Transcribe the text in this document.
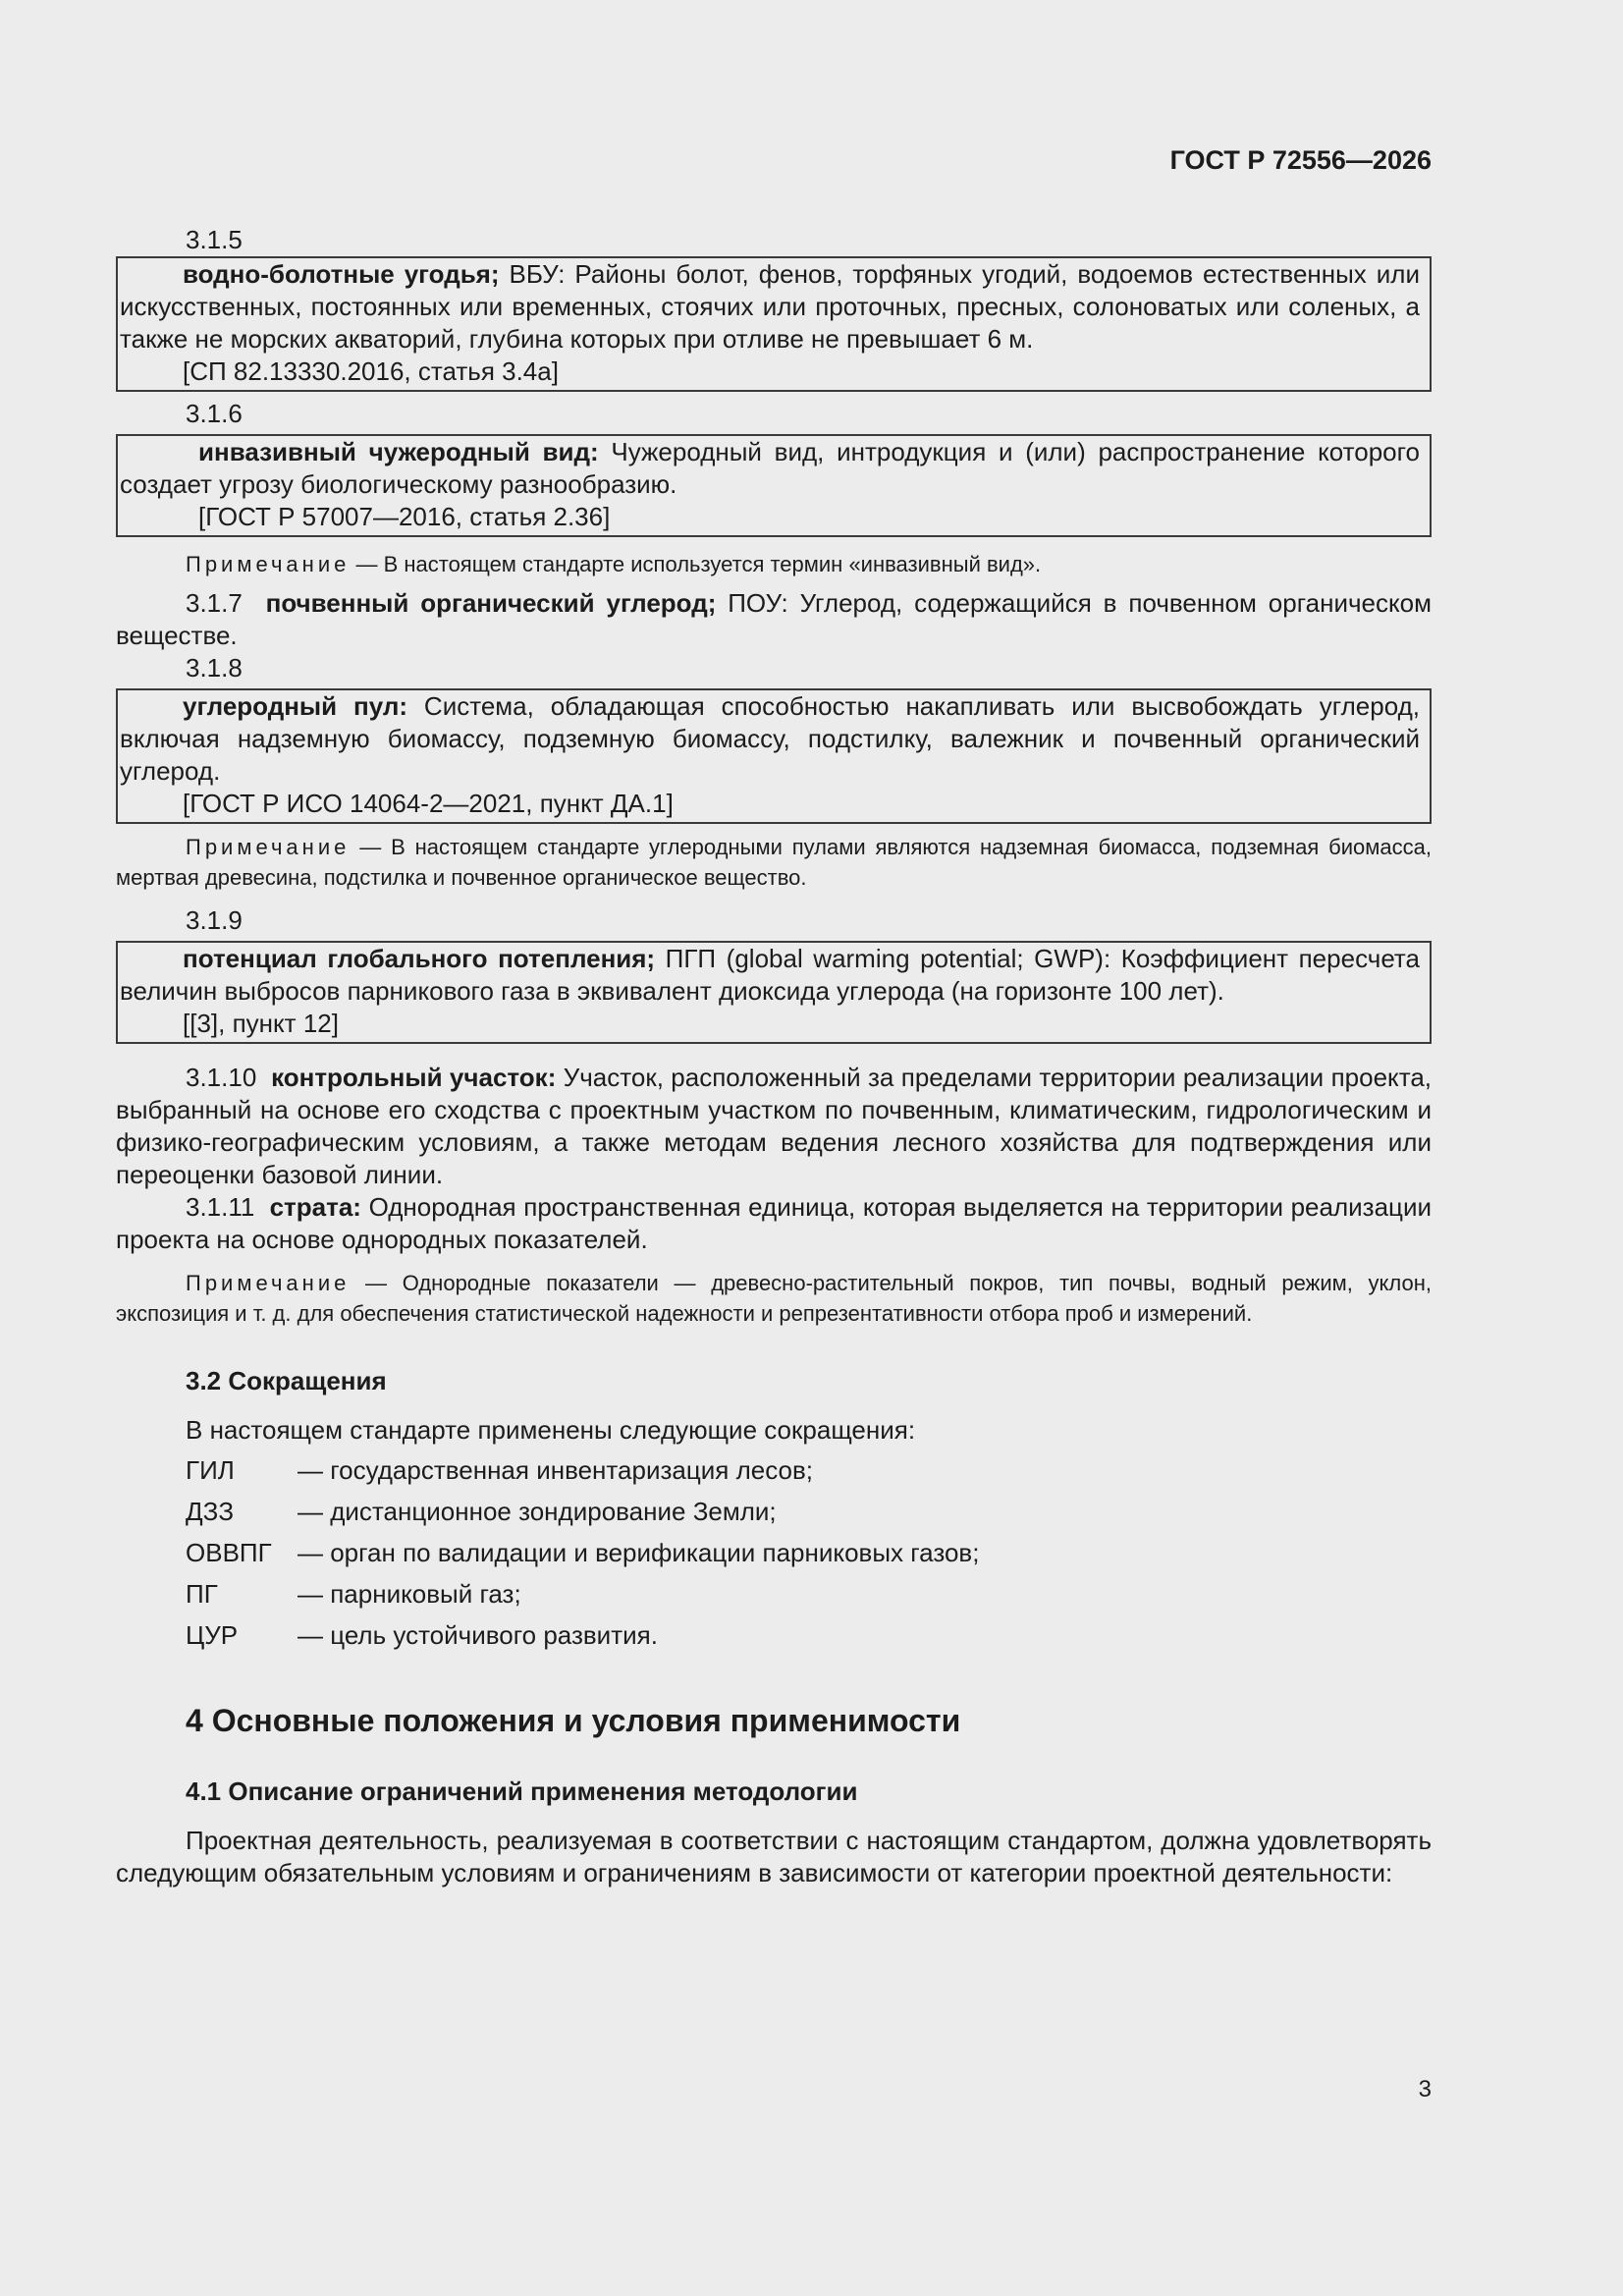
ГОСТ Р 72556—2026

3.1.5

водно-болотные угодья; ВБУ: Районы болот, фенов, торфяных угодий, водоемов естественных или искусственных, постоянных или временных, стоячих или проточных, пресных, солоноватых или соленых, а также не морских акваторий, глубина которых при отливе не превышает 6 м.

[СП 82.13330.2016, статья 3.4а]

3.1.6

инвазивный чужеродный вид: Чужеродный вид, интродукция и (или) распространение которого создает угрозу биологическому разнообразию.

[ГОСТ Р 57007—2016, статья 2.36]

Примечание — В настоящем стандарте используется термин «инвазивный вид».

3.1.7 почвенный органический углерод; ПОУ: Углерод, содержащийся в почвенном органическом веществе.

3.1.8

углеродный пул: Система, обладающая способностью накапливать или высвобождать углерод, включая надземную биомассу, подземную биомассу, подстилку, валежник и почвенный органический углерод.

[ГОСТ Р ИСО 14064-2—2021, пункт ДА.1]

Примечание — В настоящем стандарте углеродными пулами являются надземная биомасса, подземная биомасса, мертвая древесина, подстилка и почвенное органическое вещество.

3.1.9

потенциал глобального потепления; ПГП (global warming potential; GWP): Коэффициент пересчета величин выбросов парникового газа в эквивалент диоксида углерода (на горизонте 100 лет).

[[3], пункт 12]

3.1.10 контрольный участок: Участок, расположенный за пределами территории реализации проекта, выбранный на основе его сходства с проектным участком по почвенным, климатическим, гидрологическим и физико-географическим условиям, а также методам ведения лесного хозяйства для подтверждения или переоценки базовой линии.

3.1.11 страта: Однородная пространственная единица, которая выделяется на территории реализации проекта на основе однородных показателей.

Примечание — Однородные показатели — древесно-растительный покров, тип почвы, водный режим, уклон, экспозиция и т. д. для обеспечения статистической надежности и репрезентативности отбора проб и измерений.

3.2 Сокращения

В настоящем стандарте применены следующие сокращения:

ГИЛ	— государственная инвентаризация лесов;
ДЗЗ	— дистанционное зондирование Земли;
ОВВПГ	— орган по валидации и верификации парниковых газов;
ПГ	— парниковый газ;
ЦУР	— цель устойчивого развития.

4 Основные положения и условия применимости

4.1 Описание ограничений применения методологии

Проектная деятельность, реализуемая в соответствии с настоящим стандартом, должна удовлетворять следующим обязательным условиям и ограничениям в зависимости от категории проектной деятельности:

3
